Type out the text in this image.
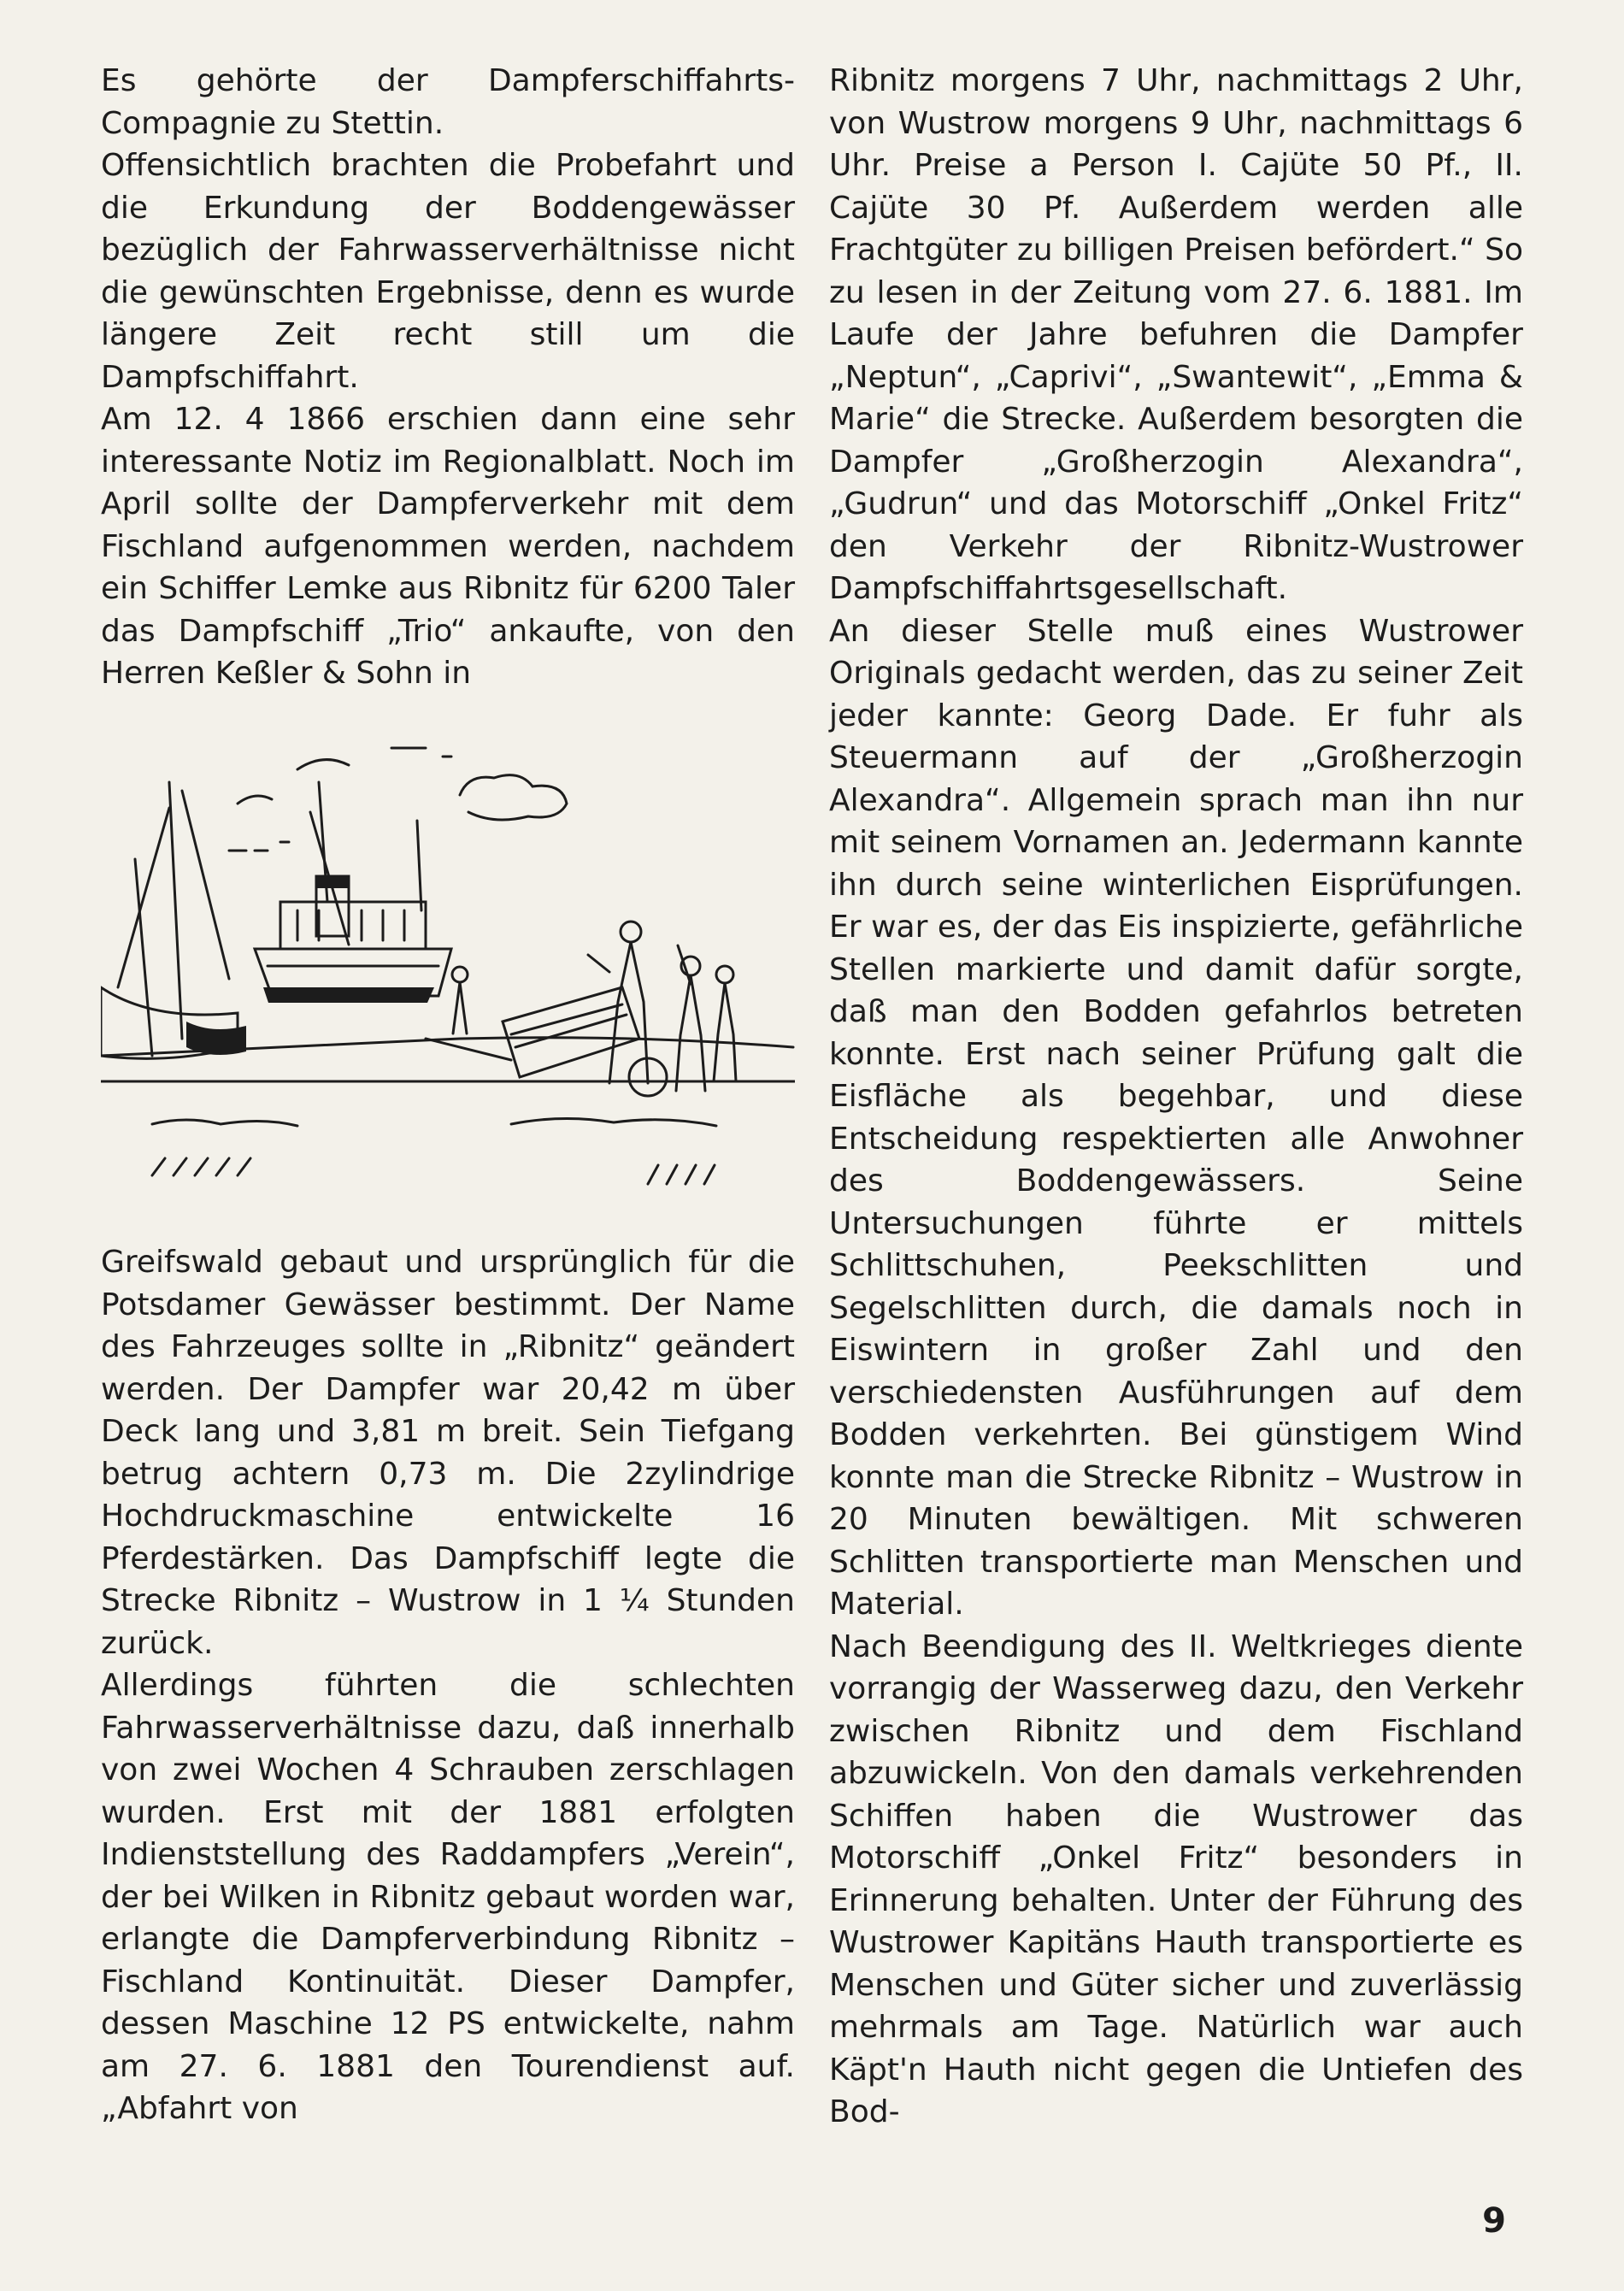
Es gehörte der Dampferschiffahrts-Compagnie zu Stettin.

Offensichtlich brachten die Probefahrt und die Erkundung der Boddengewässer bezüglich der Fahrwasserverhältnisse nicht die gewünschten Ergebnisse, denn es wurde längere Zeit recht still um die Dampfschiffahrt.

Am 12. 4 1866 erschien dann eine sehr interessante Notiz im Regionalblatt. Noch im April sollte der Dampferverkehr mit dem Fischland aufgenommen werden, nachdem ein Schiffer Lemke aus Ribnitz für 6200 Taler das Dampfschiff „Trio“ ankaufte, von den Herren Keßler & Sohn in

Greifswald gebaut und ursprünglich für die Potsdamer Gewässer bestimmt. Der Name des Fahrzeuges sollte in „Ribnitz“ geändert werden. Der Dampfer war 20,42 m über Deck lang und 3,81 m breit. Sein Tiefgang betrug achtern 0,73 m. Die 2zylindrige Hochdruckmaschine entwickelte 16 Pferdestärken. Das Dampfschiff legte die Strecke Ribnitz – Wustrow in 1 ¼ Stunden zurück.

Allerdings führten die schlechten Fahrwasserverhältnisse dazu, daß innerhalb von zwei Wochen 4 Schrauben zerschlagen wurden. Erst mit der 1881 erfolgten Indienststellung des Raddampfers „Verein“, der bei Wilken in Ribnitz gebaut worden war, erlangte die Dampferverbindung Ribnitz – Fischland Kontinuität. Dieser Dampfer, dessen Maschine 12 PS entwickelte, nahm am 27. 6. 1881 den Tourendienst auf. „Abfahrt von

Ribnitz morgens 7 Uhr, nachmittags 2 Uhr, von Wustrow morgens 9 Uhr, nachmittags 6 Uhr. Preise a Person I. Cajüte 50 Pf., II. Cajüte 30 Pf. Außerdem werden alle Frachtgüter zu billigen Preisen befördert.“ So zu lesen in der Zeitung vom 27. 6. 1881. Im Laufe der Jahre befuhren die Dampfer „Neptun“, „Caprivi“, „Swantewit“, „Emma & Marie“ die Strecke. Außerdem besorgten die Dampfer „Großherzogin Alexandra“, „Gudrun“ und das Motorschiff „Onkel Fritz“ den Verkehr der Ribnitz-Wustrower Dampfschiffahrtsgesellschaft.

An dieser Stelle muß eines Wustrower Originals gedacht werden, das zu seiner Zeit jeder kannte: Georg Dade. Er fuhr als Steuermann auf der „Großherzogin Alexandra“. Allgemein sprach man ihn nur mit seinem Vornamen an. Jedermann kannte ihn durch seine winterlichen Eisprüfungen. Er war es, der das Eis inspizierte, gefährliche Stellen markierte und damit dafür sorgte, daß man den Bodden gefahrlos betreten konnte. Erst nach seiner Prüfung galt die Eisfläche als begehbar, und diese Entscheidung respektierten alle Anwohner des Boddengewässers. Seine Untersuchungen führte er mittels Schlittschuhen, Peekschlitten und Segelschlitten durch, die damals noch in Eiswintern in großer Zahl und den verschiedensten Ausführungen auf dem Bodden verkehrten. Bei günstigem Wind konnte man die Strecke Ribnitz – Wustrow in 20 Minuten bewältigen. Mit schweren Schlitten transportierte man Menschen und Material.

Nach Beendigung des II. Weltkrieges diente vorrangig der Wasserweg dazu, den Verkehr zwischen Ribnitz und dem Fischland abzuwickeln. Von den damals verkehrenden Schiffen haben die Wustrower das Motorschiff „Onkel Fritz“ besonders in Erinnerung behalten. Unter der Führung des Wustrower Kapitäns Hauth transportierte es Menschen und Güter sicher und zuverlässig mehrmals am Tage. Natürlich war auch Käpt'n Hauth nicht gegen die Untiefen des Bod-

9
